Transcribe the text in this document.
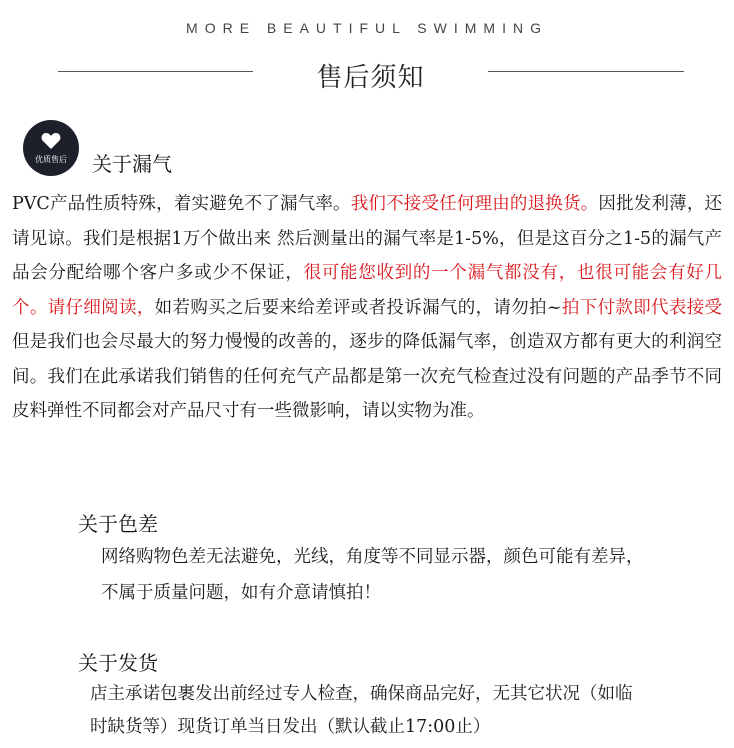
MORE BEAUTIFUL SWIMMING
售后须知
优质售后	关于漏气
PVC产品性质特殊，着实避免不了漏气率。我们不接受任何理由的退换货。因批发利薄，还请见谅。我们是根据1万个做出来 然后测量出的漏气率是1-5%，但是这百分之1-5的漏气产品会分配给哪个客户多或少不保证，很可能您收到的一个漏气都没有，也很可能会有好几个。请仔细阅读，如若购买之后要来给差评或者投诉漏气的，请勿拍~拍下付款即代表接受但是我们也会尽最大的努力慢慢的改善的，逐步的降低漏气率，创造双方都有更大的利润空间。我们在此承诺我们销售的任何充气产品都是第一次充气检查过没有问题的产品季节不同皮料弹性不同都会对产品尺寸有一些微影响，请以实物为准。
关于色差
网络购物色差无法避免，光线，角度等不同显示器，颜色可能有差异，
不属于质量问题，如有介意请慎拍！
关于发货
店主承诺包裹发出前经过专人检查，确保商品完好，无其它状况（如临
时缺货等）现货订单当日发出（默认截止17:00止）
